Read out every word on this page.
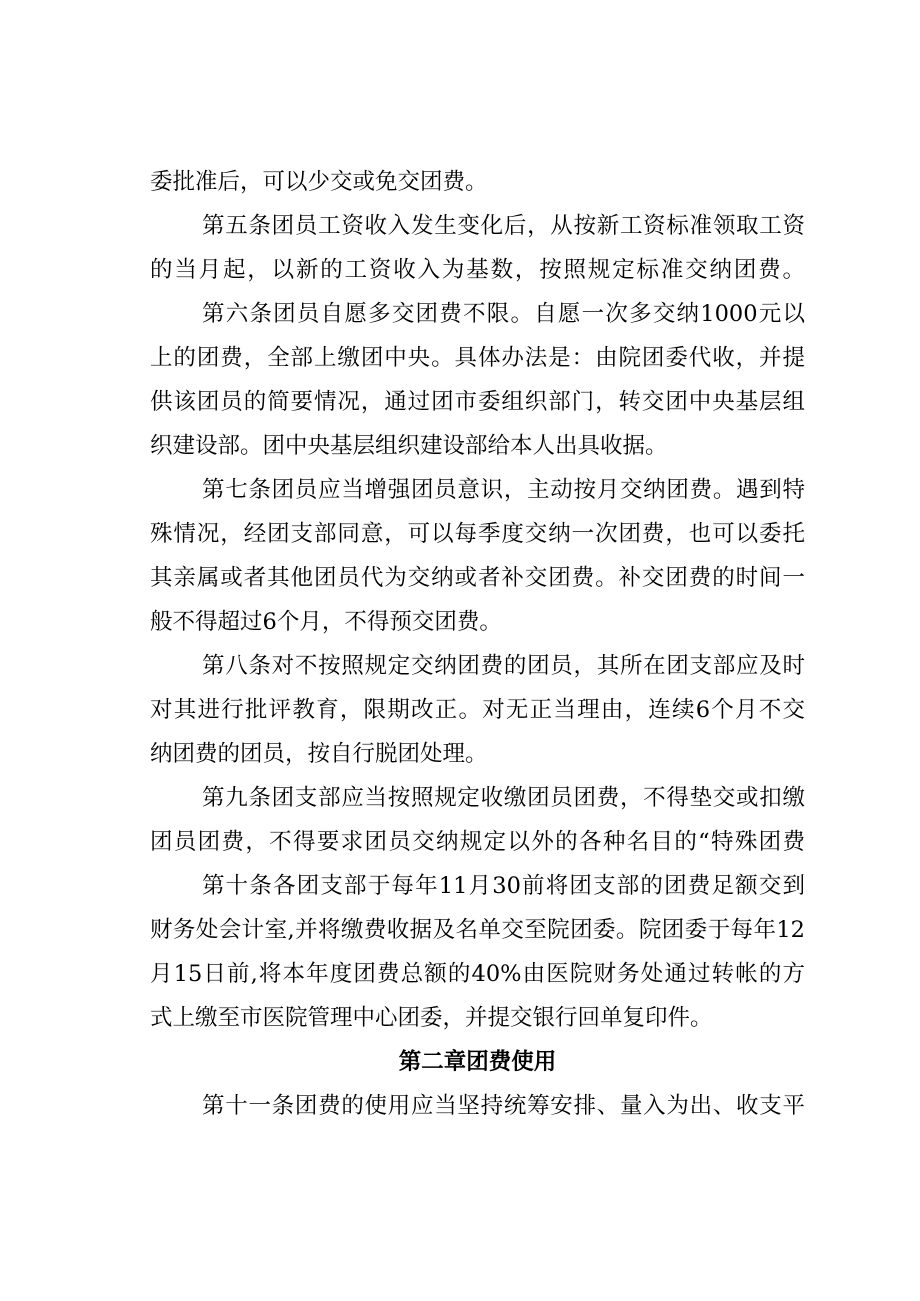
委批准后，可以少交或免交团费。
第五条团员工资收入发生变化后，从按新工资标准领取工资
的当月起，以新的工资收入为基数，按照规定标准交纳团费。
第六条团员自愿多交团费不限。自愿一次多交纳1000元以
上的团费，全部上缴团中央。具体办法是：由院团委代收，并提
供该团员的简要情况，通过团市委组织部门，转交团中央基层组
织建设部。团中央基层组织建设部给本人出具收据。
第七条团员应当增强团员意识，主动按月交纳团费。遇到特
殊情况，经团支部同意，可以每季度交纳一次团费，也可以委托
其亲属或者其他团员代为交纳或者补交团费。补交团费的时间一
般不得超过6个月，不得预交团费。
第八条对不按照规定交纳团费的团员，其所在团支部应及时
对其进行批评教育，限期改正。对无正当理由，连续6个月不交
纳团费的团员，按自行脱团处理。
第九条团支部应当按照规定收缴团员团费，不得垫交或扣缴
团员团费，不得要求团员交纳规定以外的各种名目的“特殊团费
第十条各团支部于每年11月30前将团支部的团费足额交到
财务处会计室,并将缴费收据及名单交至院团委。院团委于每年12
月15日前,将本年度团费总额的40%由医院财务处通过转帐的方
式上缴至市医院管理中心团委，并提交银行回单复印件。
第二章团费使用
第十一条团费的使用应当坚持统筹安排、量入为出、收支平
